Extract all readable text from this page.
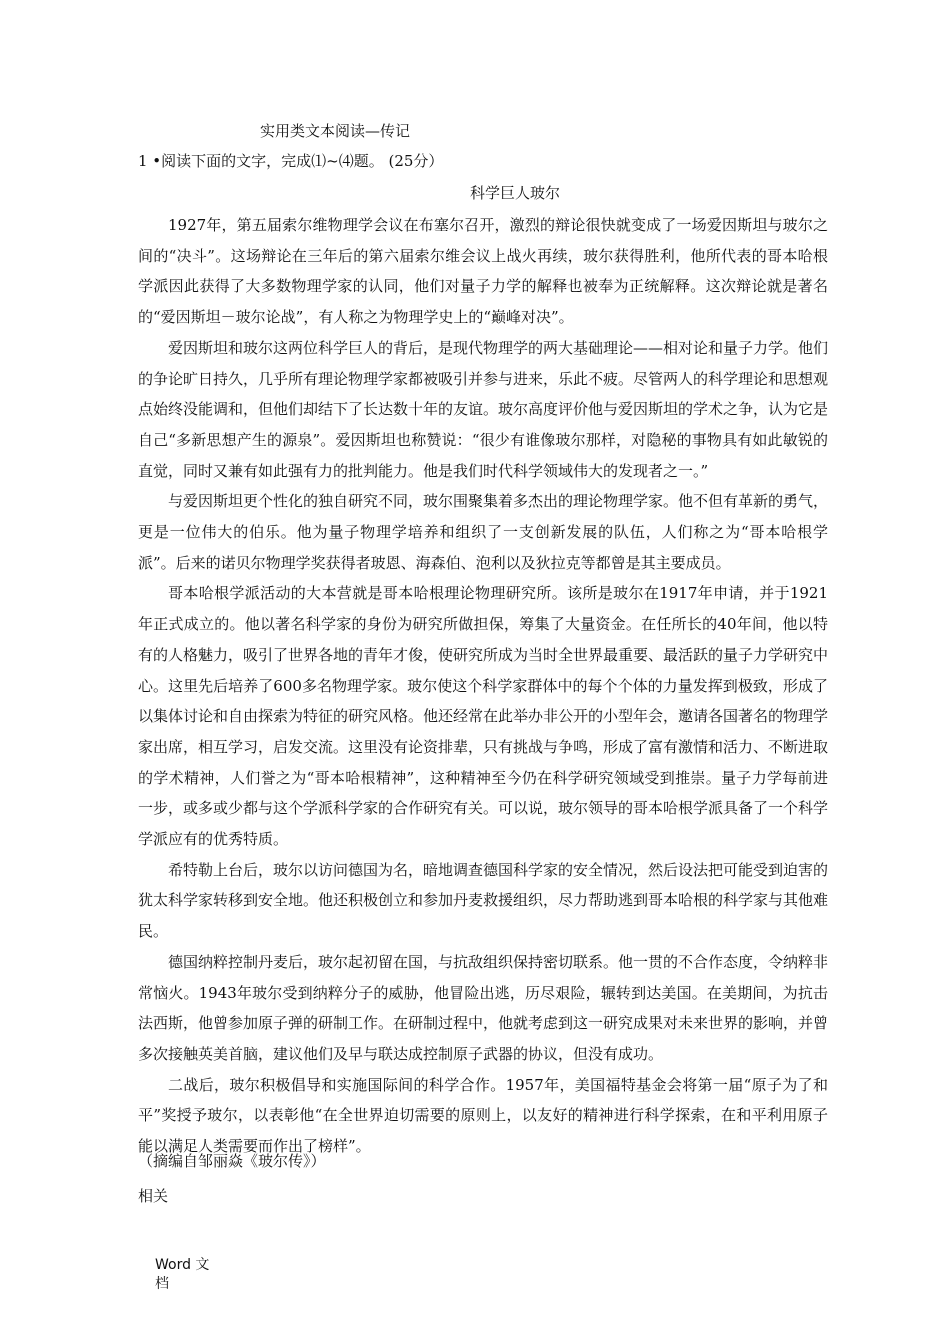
实用类文本阅读—传记
1 •阅读下面的文字，完成⑴~⑷题。 (25分）
科学巨人玻尔

1927年，第五届索尔维物理学会议在布塞尔召开，激烈的辩论很快就变成了一场爱因斯坦与玻尔之间的“决斗”。这场辩论在三年后的第六届索尔维会议上战火再续，玻尔获得胜利，他所代表的哥本哈根学派因此获得了大多数物理学家的认同，他们对量子力学的解释也被奉为正统解释。这次辩论就是著名的“爱因斯坦－玻尔论战”，有人称之为物理学史上的“巅峰对决”。

爱因斯坦和玻尔这两位科学巨人的背后，是现代物理学的两大基础理论——相对论和量子力学。他们的争论旷日持久，几乎所有理论物理学家都被吸引并参与进来，乐此不疲。尽管两人的科学理论和思想观点始终没能调和，但他们却结下了长达数十年的友谊。玻尔高度评价他与爱因斯坦的学术之争，认为它是自己“多新思想产生的源泉”。爱因斯坦也称赞说：“很少有谁像玻尔那样，对隐秘的事物具有如此敏锐的直觉，同时又兼有如此强有力的批判能力。他是我们时代科学领域伟大的发现者之一。”

与爱因斯坦更个性化的独自研究不同，玻尔围聚集着多杰出的理论物理学家。他不但有革新的勇气，更是一位伟大的伯乐。他为量子物理学培养和组织了一支创新发展的队伍，人们称之为“哥本哈根学派”。后来的诺贝尔物理学奖获得者玻恩、海森伯、泡利以及狄拉克等都曾是其主要成员。

哥本哈根学派活动的大本营就是哥本哈根理论物理研究所。该所是玻尔在1917年申请，并于1921年正式成立的。他以著名科学家的身份为研究所做担保，筹集了大量资金。在任所长的40年间，他以特有的人格魅力，吸引了世界各地的青年才俊，使研究所成为当时全世界最重要、最活跃的量子力学研究中心。这里先后培养了600多名物理学家。玻尔使这个科学家群体中的每个个体的力量发挥到极致，形成了以集体讨论和自由探索为特征的研究风格。他还经常在此举办非公开的小型年会，邀请各国著名的物理学家出席，相互学习，启发交流。这里没有论资排辈，只有挑战与争鸣，形成了富有激情和活力、不断进取的学术精神，人们誉之为“哥本哈根精神”，这种精神至今仍在科学研究领域受到推崇。量子力学每前进一步，或多或少都与这个学派科学家的合作研究有关。可以说，玻尔领导的哥本哈根学派具备了一个科学学派应有的优秀特质。

希特勒上台后，玻尔以访问德国为名，暗地调查德国科学家的安全情况，然后设法把可能受到迫害的犹太科学家转移到安全地。他还积极创立和参加丹麦救援组织，尽力帮助逃到哥本哈根的科学家与其他难民。

德国纳粹控制丹麦后，玻尔起初留在国，与抗敌组织保持密切联系。他一贯的不合作态度，令纳粹非常恼火。1943年玻尔受到纳粹分子的威胁，他冒险出逃，历尽艰险，辗转到达美国。在美期间，为抗击法西斯，他曾参加原子弹的研制工作。在研制过程中，他就考虑到这一研究成果对未来世界的影响，并曾多次接触英美首脑，建议他们及早与联达成控制原子武器的协议，但没有成功。

二战后，玻尔积极倡导和实施国际间的科学合作。1957年，美国福特基金会将第一届“原子为了和平”奖授予玻尔，以表彰他“在全世界迫切需要的原则上，以友好的精神进行科学探索，在和平利用原子能以满足人类需要而作出了榜样”。

（摘编自邹丽焱《玻尔传》）
相关
Word 文
档
